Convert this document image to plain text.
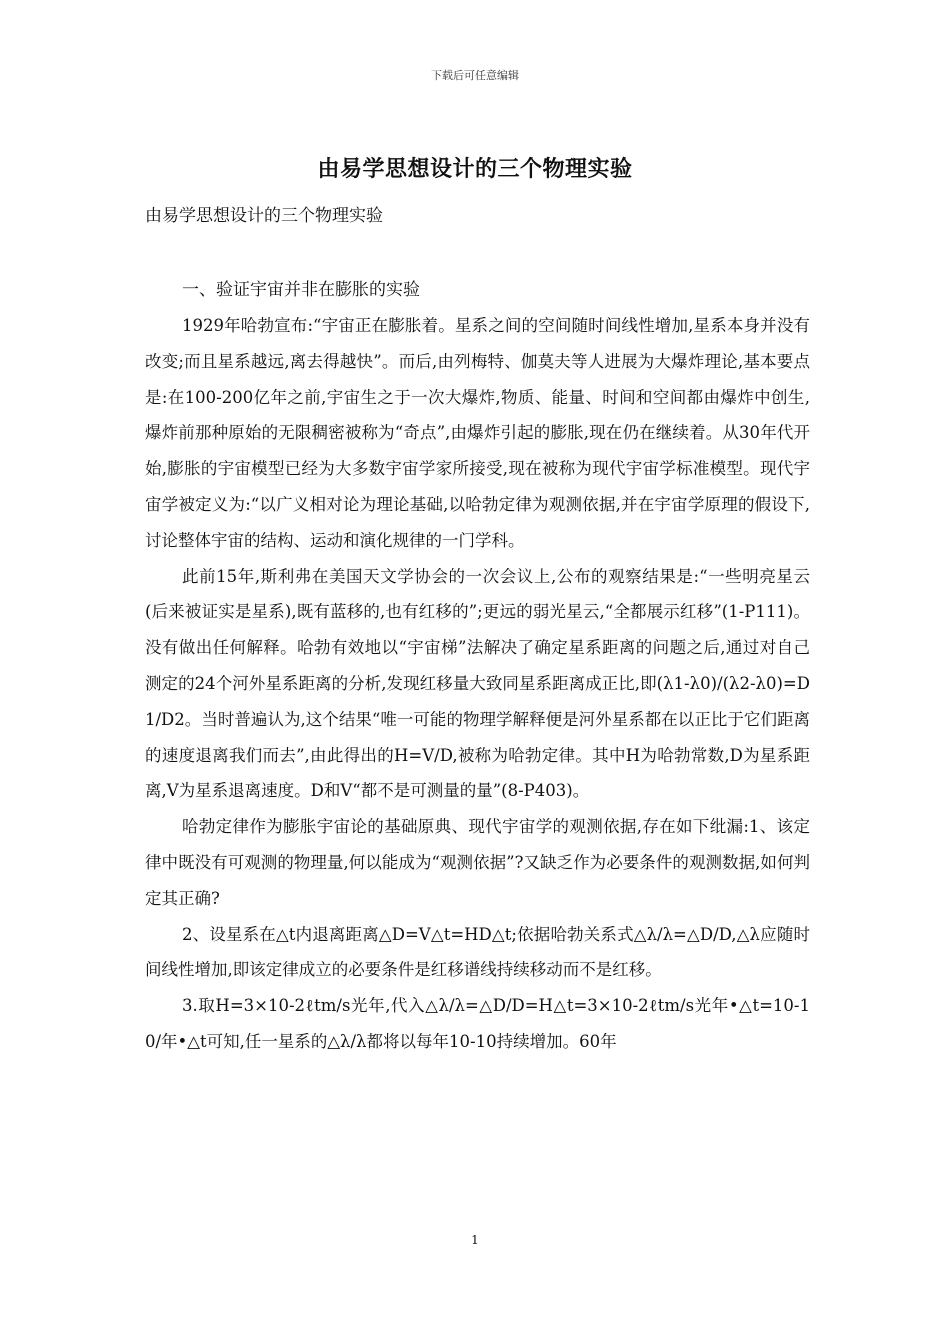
下载后可任意编辑
由易学思想设计的三个物理实验
由易学思想设计的三个物理实验
一、验证宇宙并非在膨胀的实验

1929年哈勃宣布:“宇宙正在膨胀着。星系之间的空间随时间线性增加,星系本身并没有改变;而且星系越远,离去得越快”。而后,由列梅特、伽莫夫等人进展为大爆炸理论,基本要点是:在100-200亿年之前,宇宙生之于一次大爆炸,物质、能量、时间和空间都由爆炸中创生,爆炸前那种原始的无限稠密被称为“奇点”,由爆炸引起的膨胀,现在仍在继续着。从30年代开始,膨胀的宇宙模型已经为大多数宇宙学家所接受,现在被称为现代宇宙学标准模型。现代宇宙学被定义为:“以广义相对论为理论基础,以哈勃定律为观测依据,并在宇宙学原理的假设下,讨论整体宇宙的结构、运动和演化规律的一门学科。

此前15年,斯利弗在美国天文学协会的一次会议上,公布的观察结果是:“一些明亮星云(后来被证实是星系),既有蓝移的,也有红移的”;更远的弱光星云,“全都展示红移”(1-P111)。没有做出任何解释。哈勃有效地以“宇宙梯”法解决了确定星系距离的问题之后,通过对自己测定的24个河外星系距离的分析,发现红移量大致同星系距离成正比,即(λ1-λ0)/(λ2-λ0)=D1/D2。当时普遍认为,这个结果“唯一可能的物理学解释便是河外星系都在以正比于它们距离的速度退离我们而去”,由此得出的H=V/D,被称为哈勃定律。其中H为哈勃常数,D为星系距离,V为星系退离速度。D和V“都不是可测量的量”(8-P403)。

哈勃定律作为膨胀宇宙论的基础原典、现代宇宙学的观测依据,存在如下纰漏:1、该定律中既没有可观测的物理量,何以能成为“观测依据”?又缺乏作为必要条件的观测数据,如何判定其正确?

2、设星系在△t内退离距离△D=V△t=HD△t;依据哈勃关系式△λ/λ=△D/D,△λ应随时间线性增加,即该定律成立的必要条件是红移谱线持续移动而不是红移。

3.取H=3×10-2ℓtm/s光年,代入△λ/λ=△D/D=H△t=3×10-2ℓtm/s光年•△t=10-10/年•△t可知,任一星系的△λ/λ都将以每年10-10持续增加。60年

1
